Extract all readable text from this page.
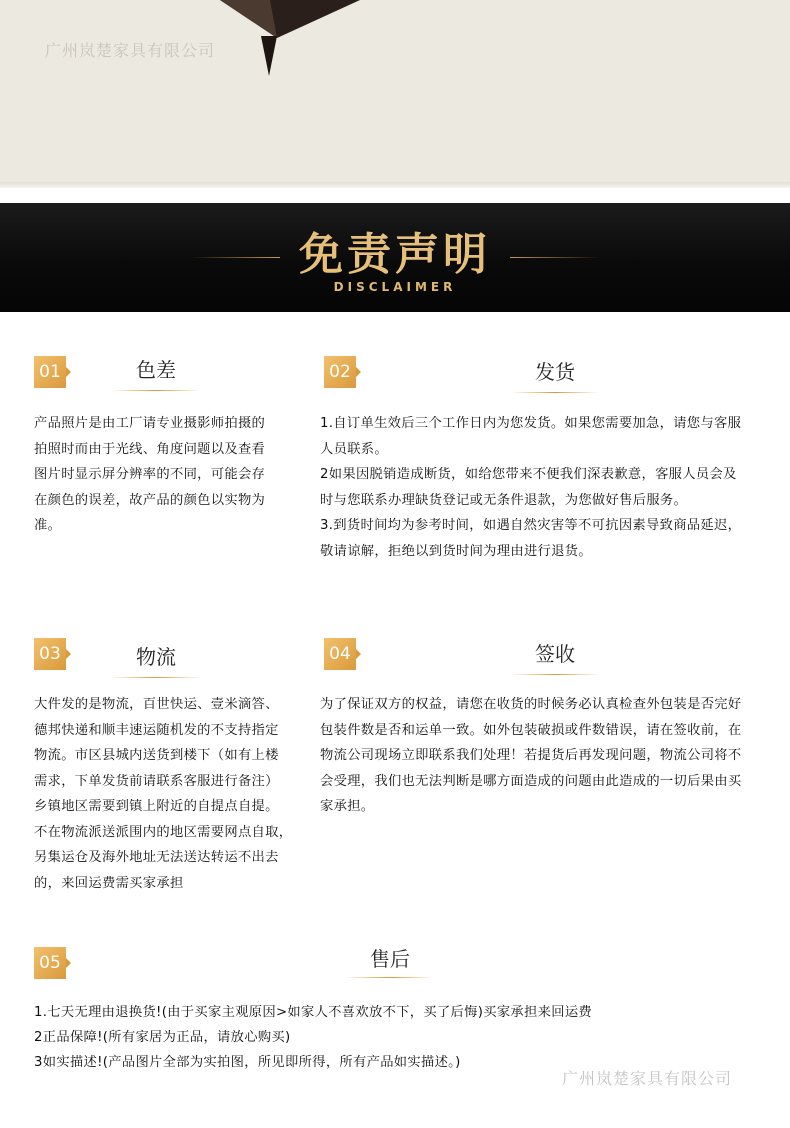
广州岚楚家具有限公司
免责声明
DISCLAIMER
01	色差

产品照片是由工厂请专业摄影师拍摄的

拍照时而由于光线、角度问题以及查看

图片时显示屏分辨率的不同，可能会存

在颜色的误差，故产品的颜色以实物为

准。

02	发货

1.自订单生效后三个工作日内为您发货。如果您需要加急，请您与客服

人员联系。

2如果因脱销造成断货，如给您带来不便我们深表歉意，客服人员会及

时与您联系办理缺货登记或无条件退款，为您做好售后服务。

3.到货时间均为参考时间，如遇自然灾害等不可抗因素导致商品延迟，

敬请谅解，拒绝以到货时间为理由进行退货。

03	物流

大件发的是物流，百世快运、壹米滴答、

德邦快递和顺丰速运随机发的不支持指定

物流。市区县城内送货到楼下（如有上楼

需求，下单发货前请联系客服进行备注）

乡镇地区需要到镇上附近的自提点自提。

不在物流派送派围内的地区需要网点自取，

另集运仓及海外地址无法送达转运不出去

的，来回运费需买家承担

04	签收

为了保证双方的权益，请您在收货的时候务必认真检查外包装是否完好

包装件数是否和运单一致。如外包装破损或件数错误，请在签收前，在

物流公司现场立即联系我们处理！若提货后再发现问题，物流公司将不

会受理，我们也无法判断是哪方面造成的问题由此造成的一切后果由买

家承担。

05	售后

1.七天无理由退换货!(由于买家主观原因>如家人不喜欢放不下，买了后悔)买家承担来回运费

2正品保障!(所有家居为正品，请放心购买)

3如实描述!(产品图片全部为实拍图，所见即所得，所有产品如实描述。)

广州岚楚家具有限公司
